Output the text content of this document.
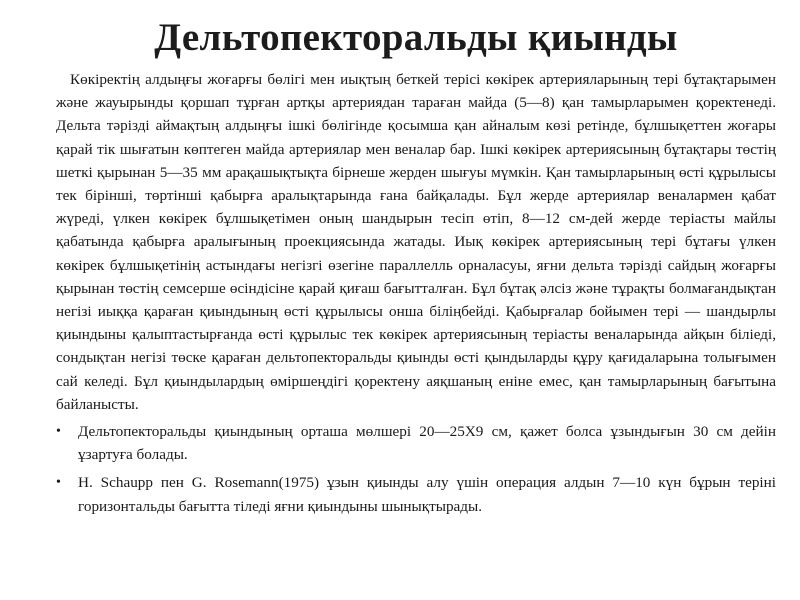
Дельтопекторальды қиынды

Көкіректің алдыңғы жоғарғы бөлігі мен иықтың беткей терісі көкірек артерияларының тері бұтақтарымен және жауырынды қоршап тұрған артқы артериядан тараған майда (5—8) қан тамырларымен қоректенеді. Дельта тәрізді аймақтың алдыңғы ішкі бөлігінде қосымша қан айналым көзі ретінде, бұлшықеттен жоғары қарай тік шығатын көптеген майда артериялар мен веналар бар. Ішкі көкірек артериясының бұтақтары төстің шеткі қырынан 5—35 мм арақашықтықта бірнеше жерден шығуы мүмкін. Қан тамырларының өсті құрылысы тек бірінші, төртінші қабырға аралықтарында ғана байқалады. Бұл жерде артериялар веналармен қабат жүреді, үлкен көкірек бұлшықетімен оның шандырын тесіп өтіп, 8—12 см-дей жерде теріасты майлы қабатында қабырға аралығының проекциясында жатады. Иық көкірек артериясының тері бұтағы үлкен көкірек бұлшықетінің астындағы негізгі өзегіне параллелль орналасуы, яғни дельта тәрізді сайдың жоғарғы қырынан төстің семсерше өсіндісіне қарай қиғаш бағытталған. Бұл бұтақ әлсіз және тұрақты болмағандықтан негізі иыққа қараған қиындының өсті құрылысы онша біліңбейді. Қабырғалар бойымен тері — шандырлы қиындыны қалыптастырғанда өсті құрылыс тек көкірек артериясының теріасты веналарында айқын біліеді, сондықтан негізі төске қараған дельтопекторальды қиынды өсті қындыларды құру қағидаларына толығымен сай келеді. Бұл қиындылардың өміршеңдігі қоректену аяқшаның еніне емес, қан тамырларының бағытына байланысты.

• Дельтопекторальды қиындының орташа мөлшері 20—25Х9 см, қажет болса ұзындығын 30 см дейін ұзартуға болады.
• H. Schaupp пен G. Rosemann(1975) ұзын қиынды алу үшін операция алдын 7—10 күн бұрын теріні горизонтальды бағытта тіледі яғни қиындыны шынықтырады.
